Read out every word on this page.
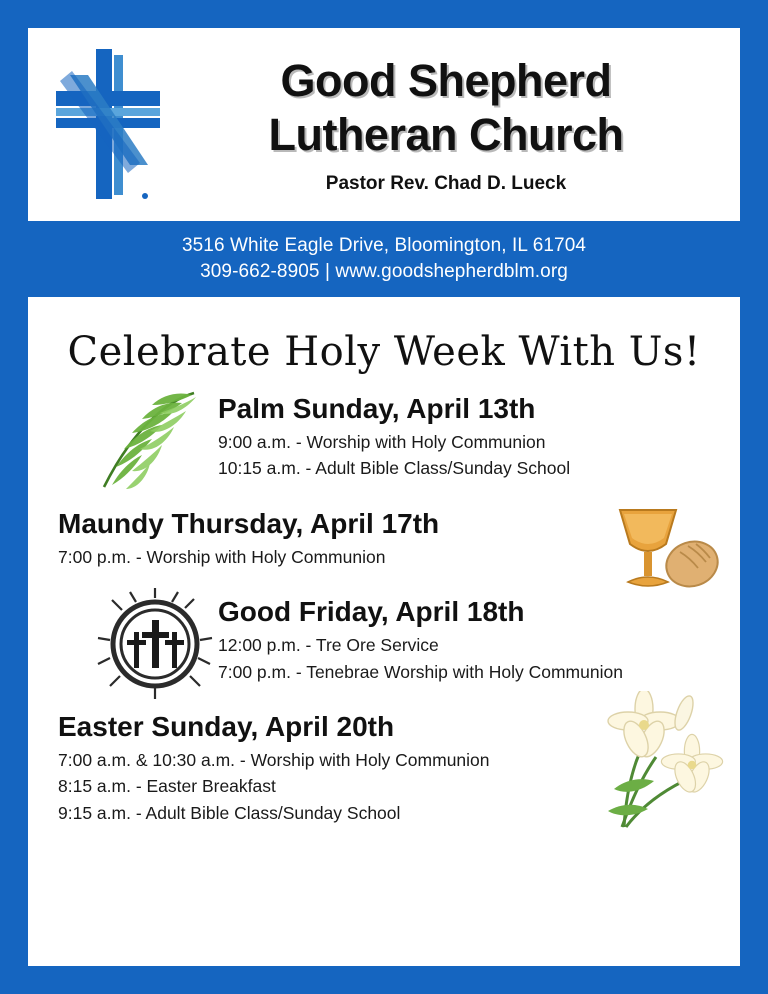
Good Shepherd
Lutheran Church
Pastor Rev. Chad D. Lueck
3516 White Eagle Drive, Bloomington, IL 61704
309-662-8905 | www.goodshepherdblm.org
Celebrate Holy Week With Us!
Palm Sunday, April 13th
9:00 a.m. - Worship with Holy Communion
10:15 a.m. - Adult Bible Class/Sunday School
Maundy Thursday, April 17th
7:00 p.m. - Worship with Holy Communion
Good Friday, April 18th
12:00 p.m. - Tre Ore Service
7:00 p.m. - Tenebrae Worship with Holy Communion
Easter Sunday, April 20th
7:00 a.m. & 10:30 a.m. - Worship with Holy Communion
8:15 a.m. - Easter Breakfast
9:15 a.m. - Adult Bible Class/Sunday School
